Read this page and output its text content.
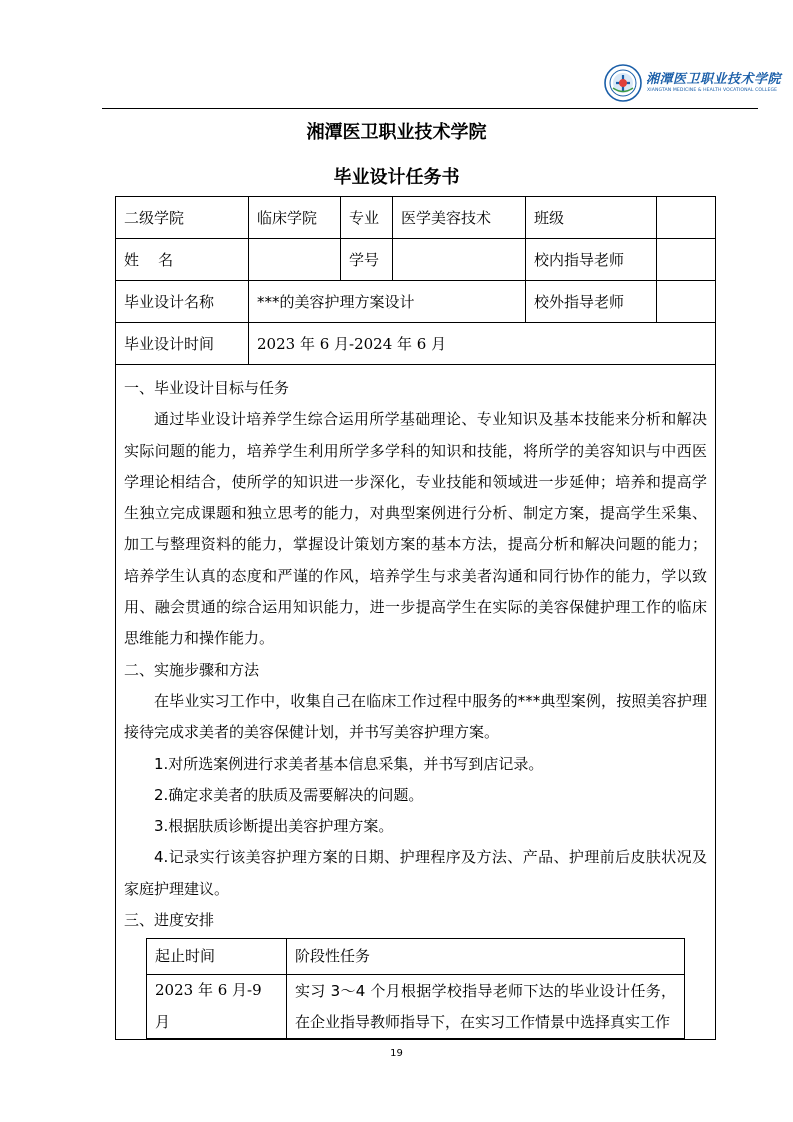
湘潭医卫职业技术学院
XIANGTAN MEDICINE & HEALTH VOCATIONAL COLLEGE
湘潭医卫职业技术学院
毕业设计任务书
二级学院	临床学院	专业	医学美容技术	班级	
姓    名		学号		校内指导老师	
毕业设计名称	***的美容护理方案设计	校外指导老师	
毕业设计时间	2023 年 6 月-2024 年 6 月

一、毕业设计目标与任务

通过毕业设计培养学生综合运用所学基础理论、专业知识及基本技能来分析和解决实际问题的能力，培养学生利用所学多学科的知识和技能，将所学的美容知识与中西医学理论相结合，使所学的知识进一步深化，专业技能和领域进一步延伸；培养和提高学生独立完成课题和独立思考的能力，对典型案例进行分析、制定方案，提高学生采集、加工与整理资料的能力，掌握设计策划方案的基本方法，提高分析和解决问题的能力；培养学生认真的态度和严谨的作风，培养学生与求美者沟通和同行协作的能力，学以致用、融会贯通的综合运用知识能力，进一步提高学生在实际的美容保健护理工作的临床思维能力和操作能力。

二、实施步骤和方法

在毕业实习工作中，收集自己在临床工作过程中服务的***典型案例，按照美容护理接待完成求美者的美容保健计划，并书写美容护理方案。

1.对所选案例进行求美者基本信息采集，并书写到店记录。

2.确定求美者的肤质及需要解决的问题。

3.根据肤质诊断提出美容护理方案。

4.记录实行该美容护理方案的日期、护理程序及方法、产品、护理前后皮肤状况及家庭护理建议。

三、进度安排
起止时间	阶段性任务
2023 年 6 月-9 月	实习 3～4 个月根据学校指导老师下达的毕业设计任务，在企业指导教师指导下，在实习工作情景中选择真实工作
19
